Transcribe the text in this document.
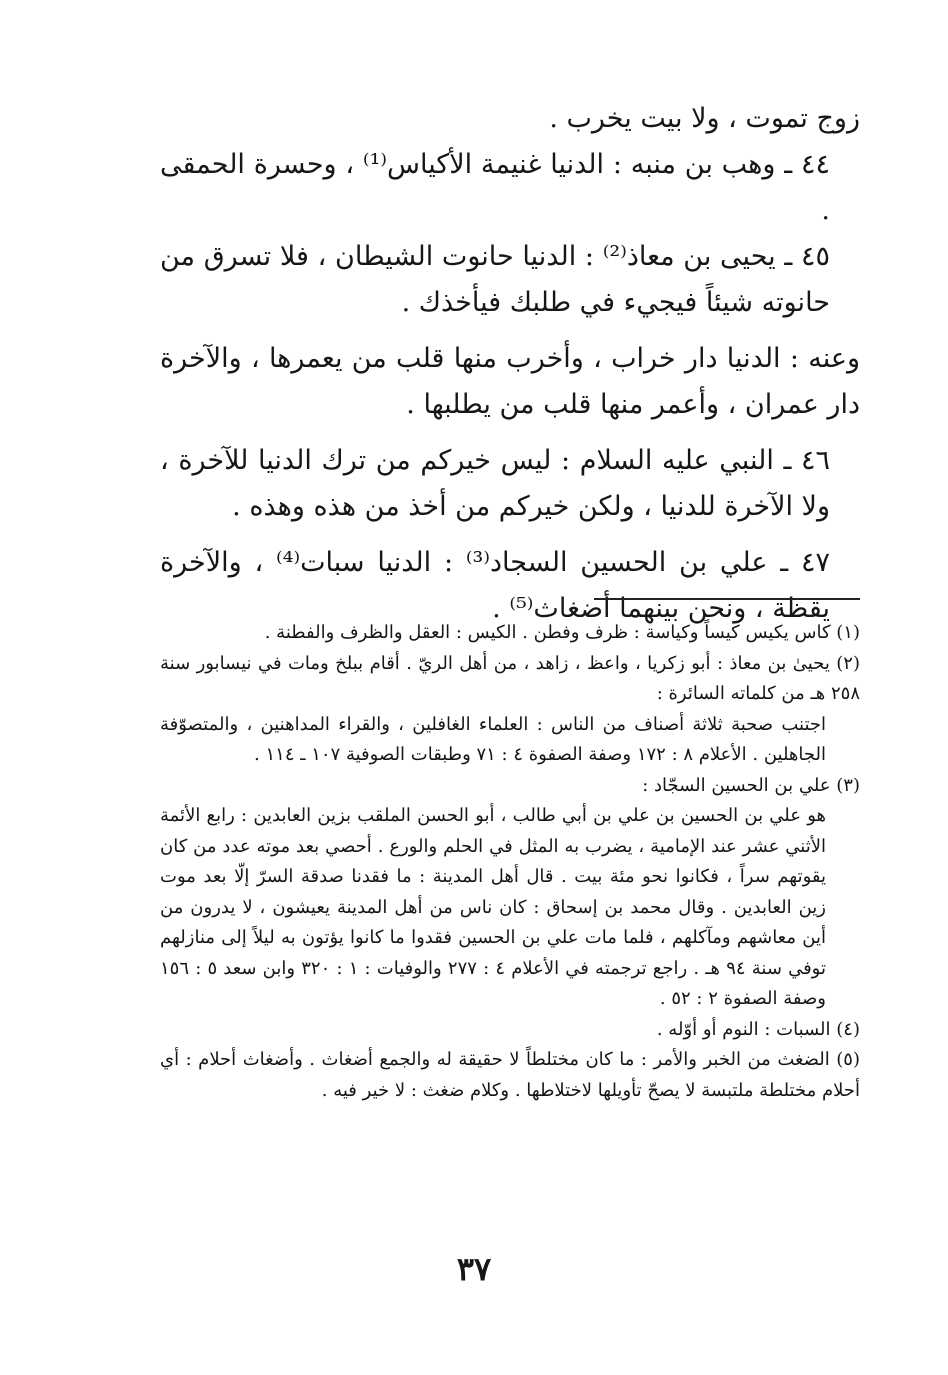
زوج تموت ، ولا بيت يخرب .

٤٤ ـ وهب بن منبه : الدنيا غنيمة الأكياس⁽¹⁾ ، وحسرة الحمقى .

٤٥ ـ يحيى بن معاذ⁽²⁾ : الدنيا حانوت الشيطان ، فلا تسرق من حانوته شيئاً فيجيء في طلبك فيأخذك .

وعنه : الدنيا دار خراب ، وأخرب منها قلب من يعمرها ، والآخرة دار عمران ، وأعمر منها قلب من يطلبها .

٤٦ ـ النبي عليه السلام : ليس خيركم من ترك الدنيا للآخرة ، ولا الآخرة للدنيا ، ولكن خيركم من أخذ من هذه وهذه .

٤٧ ـ علي بن الحسين السجاد⁽³⁾ : الدنيا سبات⁽⁴⁾ ، والآخرة يقظة ، ونحن بينهما أضغاث⁽⁵⁾ .

(١) كاس يكيس كيساً وكياسة : ظرف وفطن . الكيس : العقل والظرف والفطنة .

(٢) يحيىٰ بن معاذ : أبو زكريا ، واعظ ، زاهد ، من أهل الريّ . أقام ببلخ ومات في نيسابور سنة ٢٥٨ هـ من كلماته السائرة :

اجتنب صحبة ثلاثة أصناف من الناس : العلماء الغافلين ، والقراء المداهنين ، والمتصوّفة الجاهلين . الأعلام ٨ : ١٧٢ وصفة الصفوة ٤ : ٧١ وطبقات الصوفية ١٠٧ ـ ١١٤ .

(٣) علي بن الحسين السجّاد :

هو علي بن الحسين بن علي بن أبي طالب ، أبو الحسن الملقب بزين العابدين : رابع الأئمة الأثني عشر عند الإمامية ، يضرب به المثل في الحلم والورع . أحصي بعد موته عدد من كان يقوتهم سراً ، فكانوا نحو مئة بيت . قال أهل المدينة : ما فقدنا صدقة السرّ إلّا بعد موت زين العابدين . وقال محمد بن إسحاق : كان ناس من أهل المدينة يعيشون ، لا يدرون من أين معاشهم ومآكلهم ، فلما مات علي بن الحسين فقدوا ما كانوا يؤتون به ليلاً إلى منازلهم توفي سنة ٩٤ هـ . راجع ترجمته في الأعلام ٤ : ٢٧٧ والوفيات : ١ : ٣٢٠ وابن سعد ٥ : ١٥٦ وصفة الصفوة ٢ : ٥٢ .

(٤) السبات : النوم أو أوّله .

(٥) الضغث من الخبر والأمر : ما كان مختلطاً لا حقيقة له والجمع أضغاث . وأضغاث أحلام : أي أحلام مختلطة ملتبسة لا يصحّ تأويلها لاختلاطها . وكلام ضغث : لا خير فيه .

٣٧
